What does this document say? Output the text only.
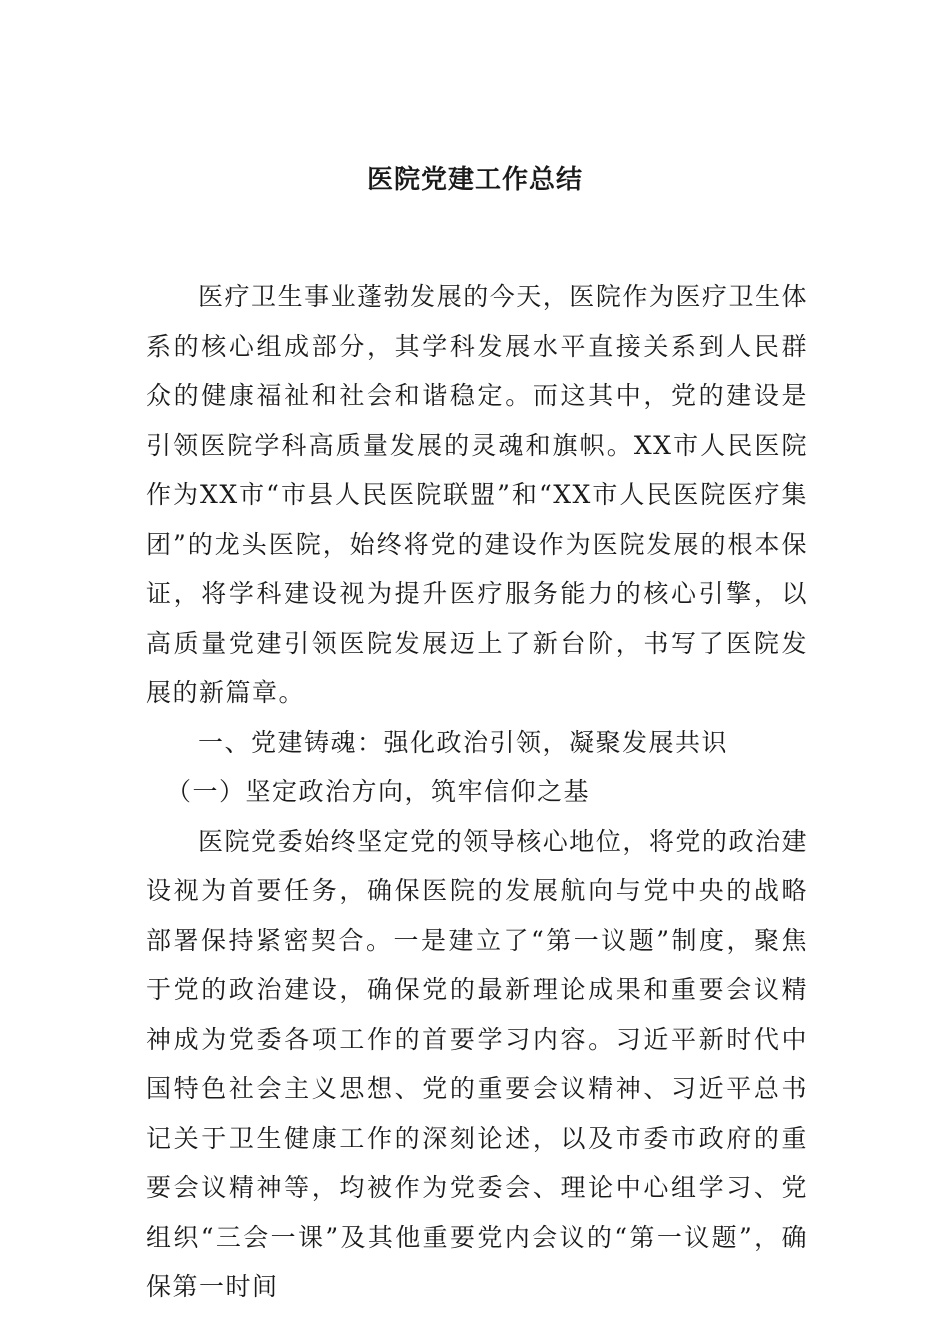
医院党建工作总结

医疗卫生事业蓬勃发展的今天，医院作为医疗卫生体系的核心组成部分，其学科发展水平直接关系到人民群众的健康福祉和社会和谐稳定。而这其中，党的建设是引领医院学科高质量发展的灵魂和旗帜。XX市人民医院作为XX市“市县人民医院联盟”和“XX市人民医院医疗集团”的龙头医院，始终将党的建设作为医院发展的根本保证，将学科建设视为提升医疗服务能力的核心引擎，以高质量党建引领医院发展迈上了新台阶，书写了医院发展的新篇章。

一、党建铸魂：强化政治引领，凝聚发展共识

（一）坚定政治方向，筑牢信仰之基

医院党委始终坚定党的领导核心地位，将党的政治建设视为首要任务，确保医院的发展航向与党中央的战略部署保持紧密契合。一是建立了“第一议题”制度，聚焦于党的政治建设，确保党的最新理论成果和重要会议精神成为党委各项工作的首要学习内容。习近平新时代中国特色社会主义思想、党的重要会议精神、习近平总书记关于卫生健康工作的深刻论述，以及市委市政府的重要会议精神等，均被作为党委会、理论中心组学习、党组织“三会一课”及其他重要党内会议的“第一议题”，确保第一时间
